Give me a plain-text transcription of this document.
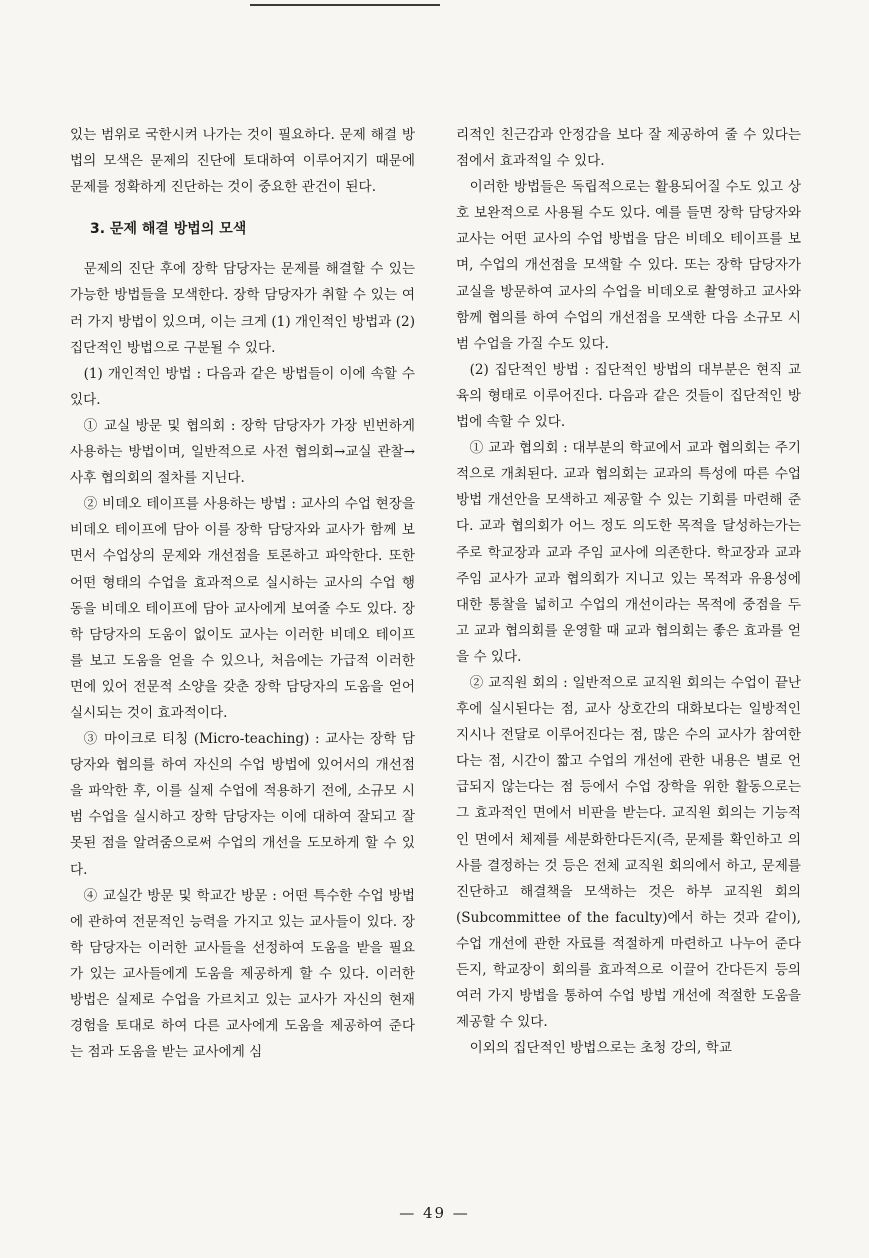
있는 범위로 국한시켜 나가는 것이 필요하다. 문제 해결 방법의 모색은 문제의 진단에 토대하여 이루어지기 때문에 문제를 정확하게 진단하는 것이 중요한 관건이 된다.

3. 문제 해결 방법의 모색

문제의 진단 후에 장학 담당자는 문제를 해결할 수 있는 가능한 방법들을 모색한다. 장학 담당자가 취할 수 있는 여러 가지 방법이 있으며, 이는 크게 (1) 개인적인 방법과 (2) 집단적인 방법으로 구분될 수 있다.

(1) 개인적인 방법 : 다음과 같은 방법들이 이에 속할 수 있다.

① 교실 방문 및 협의회 : 장학 담당자가 가장 빈번하게 사용하는 방법이며, 일반적으로 사전 협의회→교실 관찰→사후 협의회의 절차를 지닌다.

② 비데오 테이프를 사용하는 방법 : 교사의 수업 현장을 비데오 테이프에 담아 이를 장학 담당자와 교사가 함께 보면서 수업상의 문제와 개선점을 토론하고 파악한다. 또한 어떤 형태의 수업을 효과적으로 실시하는 교사의 수업 행동을 비데오 테이프에 담아 교사에게 보여줄 수도 있다. 장학 담당자의 도움이 없이도 교사는 이러한 비데오 테이프를 보고 도움을 얻을 수 있으나, 처음에는 가급적 이러한 면에 있어 전문적 소양을 갖춘 장학 담당자의 도움을 얻어 실시되는 것이 효과적이다.

③ 마이크로 티칭 (Micro-teaching) : 교사는 장학 담당자와 협의를 하여 자신의 수업 방법에 있어서의 개선점을 파악한 후, 이를 실제 수업에 적용하기 전에, 소규모 시범 수업을 실시하고 장학 담당자는 이에 대하여 잘되고 잘못된 점을 알려줌으로써 수업의 개선을 도모하게 할 수 있다.

④ 교실간 방문 및 학교간 방문 : 어떤 특수한 수업 방법에 관하여 전문적인 능력을 가지고 있는 교사들이 있다. 장학 담당자는 이러한 교사들을 선정하여 도움을 받을 필요가 있는 교사들에게 도움을 제공하게 할 수 있다. 이러한 방법은 실제로 수업을 가르치고 있는 교사가 자신의 현재 경험을 토대로 하여 다른 교사에게 도움을 제공하여 준다는 점과 도움을 받는 교사에게 심

리적인 친근감과 안정감을 보다 잘 제공하여 줄 수 있다는 점에서 효과적일 수 있다.

이러한 방법들은 독립적으로는 활용되어질 수도 있고 상호 보완적으로 사용될 수도 있다. 예를 들면 장학 담당자와 교사는 어떤 교사의 수업 방법을 담은 비데오 테이프를 보며, 수업의 개선점을 모색할 수 있다. 또는 장학 담당자가 교실을 방문하여 교사의 수업을 비데오로 촬영하고 교사와 함께 협의를 하여 수업의 개선점을 모색한 다음 소규모 시범 수업을 가질 수도 있다.

(2) 집단적인 방법 : 집단적인 방법의 대부분은 현직 교육의 형태로 이루어진다. 다음과 같은 것들이 집단적인 방법에 속할 수 있다.

① 교과 협의회 : 대부분의 학교에서 교과 협의회는 주기적으로 개최된다. 교과 협의회는 교과의 특성에 따른 수업 방법 개선안을 모색하고 제공할 수 있는 기회를 마련해 준다. 교과 협의회가 어느 정도 의도한 목적을 달성하는가는 주로 학교장과 교과 주임 교사에 의존한다. 학교장과 교과 주임 교사가 교과 협의회가 지니고 있는 목적과 유용성에 대한 통찰을 넓히고 수업의 개선이라는 목적에 중점을 두고 교과 협의회를 운영할 때 교과 협의회는 좋은 효과를 얻을 수 있다.

② 교직원 회의 : 일반적으로 교직원 회의는 수업이 끝난 후에 실시된다는 점, 교사 상호간의 대화보다는 일방적인 지시나 전달로 이루어진다는 점, 많은 수의 교사가 참여한다는 점, 시간이 짧고 수업의 개선에 관한 내용은 별로 언급되지 않는다는 점 등에서 수업 장학을 위한 활동으로는 그 효과적인 면에서 비판을 받는다. 교직원 회의는 기능적인 면에서 체제를 세분화한다든지(즉, 문제를 확인하고 의사를 결정하는 것 등은 전체 교직원 회의에서 하고, 문제를 진단하고 해결책을 모색하는 것은 하부 교직원 회의 (Subcommittee of the faculty)에서 하는 것과 같이), 수업 개선에 관한 자료를 적절하게 마련하고 나누어 준다든지, 학교장이 회의를 효과적으로 이끌어 간다든지 등의 여러 가지 방법을 통하여 수업 방법 개선에 적절한 도움을 제공할 수 있다.

이외의 집단적인 방법으로는 초청 강의, 학교

— 49 —
